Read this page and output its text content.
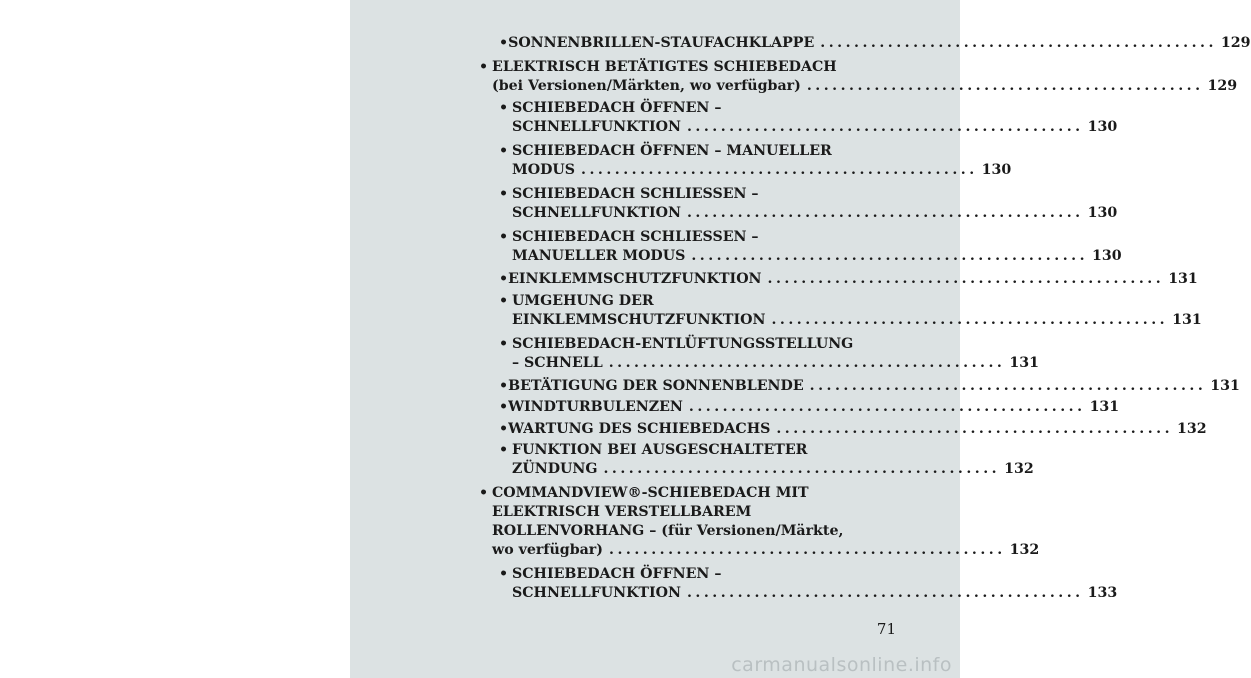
• SONNENBRILLEN-STAUFACHKLAPPE ............................................... 129
• ELEKTRISCH BETÄTIGTES SCHIEBEDACH
(bei Versionen/Märkten, wo verfügbar) ............................................... 129
• SCHIEBEDACH ÖFFNEN –
SCHNELLFUNKTION ............................................... 130
• SCHIEBEDACH ÖFFNEN – MANUELLER
MODUS ............................................... 130
• SCHIEBEDACH SCHLIESSEN –
SCHNELLFUNKTION ............................................... 130
• SCHIEBEDACH SCHLIESSEN –
MANUELLER MODUS ............................................... 130
• EINKLEMMSCHUTZFUNKTION ............................................... 131
• UMGEHUNG DER
EINKLEMMSCHUTZFUNKTION ............................................... 131
• SCHIEBEDACH-ENTLÜFTUNGSSTELLUNG
– SCHNELL ............................................... 131
• BETÄTIGUNG DER SONNENBLENDE ............................................... 131
• WINDTURBULENZEN ............................................... 131
• WARTUNG DES SCHIEBEDACHS ............................................... 132
• FUNKTION BEI AUSGESCHALTETER
ZÜNDUNG ............................................... 132
• COMMANDVIEW®-SCHIEBEDACH MIT
ELEKTRISCH VERSTELLBAREM
ROLLENVORHANG – (für Versionen/Märkte,
wo verfügbar) ............................................... 132
• SCHIEBEDACH ÖFFNEN –
SCHNELLFUNKTION ............................................... 133
71
carmanualsonline.info
